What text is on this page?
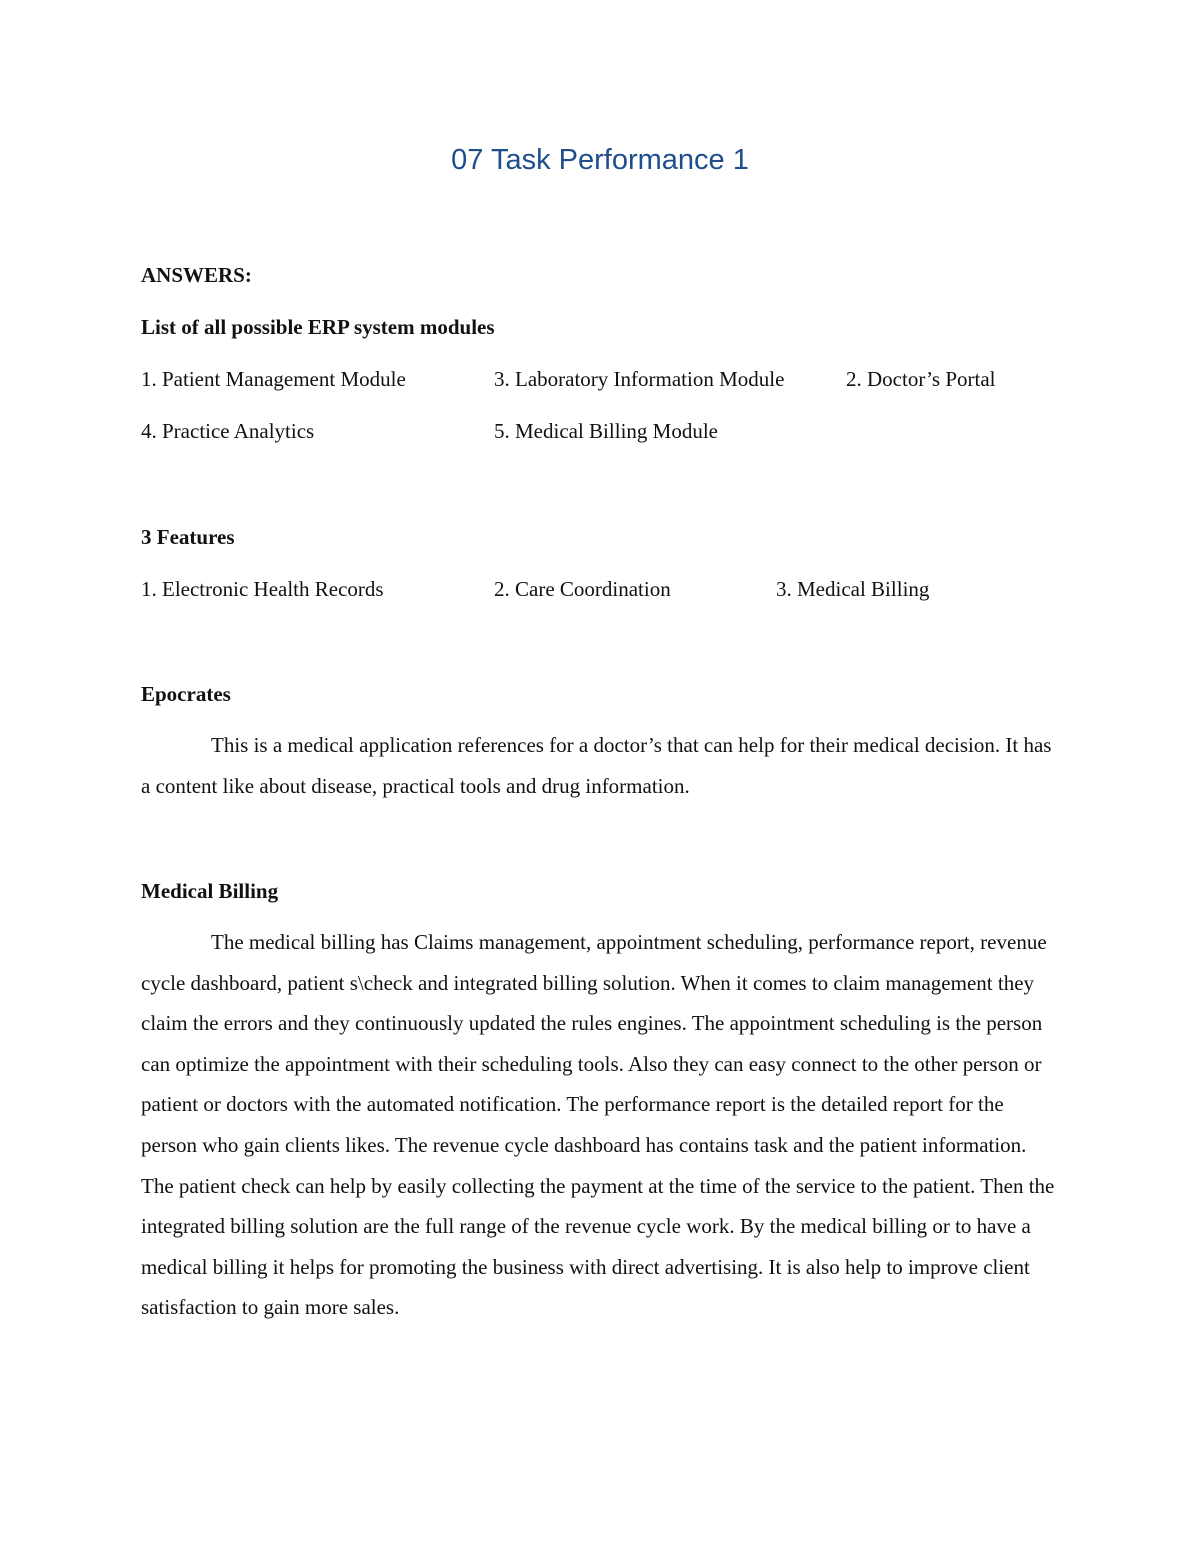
07 Task Performance 1
ANSWERS:
List of all possible ERP system modules
1. Patient Management Module	3. Laboratory Information Module	2. Doctor’s Portal
4. Practice Analytics	5. Medical Billing Module
3 Features
1. Electronic Health Records	2. Care Coordination	3. Medical Billing
Epocrates
This is a medical application references for a doctor’s that can help for their medical decision. It has a content like about disease, practical tools and drug information.
Medical Billing
The medical billing has Claims management, appointment scheduling, performance report, revenue cycle dashboard, patient s\check and integrated billing solution. When it comes to claim management they claim the errors and they continuously updated the rules engines. The appointment scheduling is the person can optimize the appointment with their scheduling tools. Also they can easy connect to the other person or patient or doctors with the automated notification. The performance report is the detailed report for the person who gain clients likes. The revenue cycle dashboard has contains task and the patient information. The patient check can help by easily collecting the payment at the time of the service to the patient. Then the integrated billing solution are the full range of the revenue cycle work. By the medical billing or to have a medical billing it helps for promoting the business with direct advertising. It is also help to improve client satisfaction to gain more sales.
